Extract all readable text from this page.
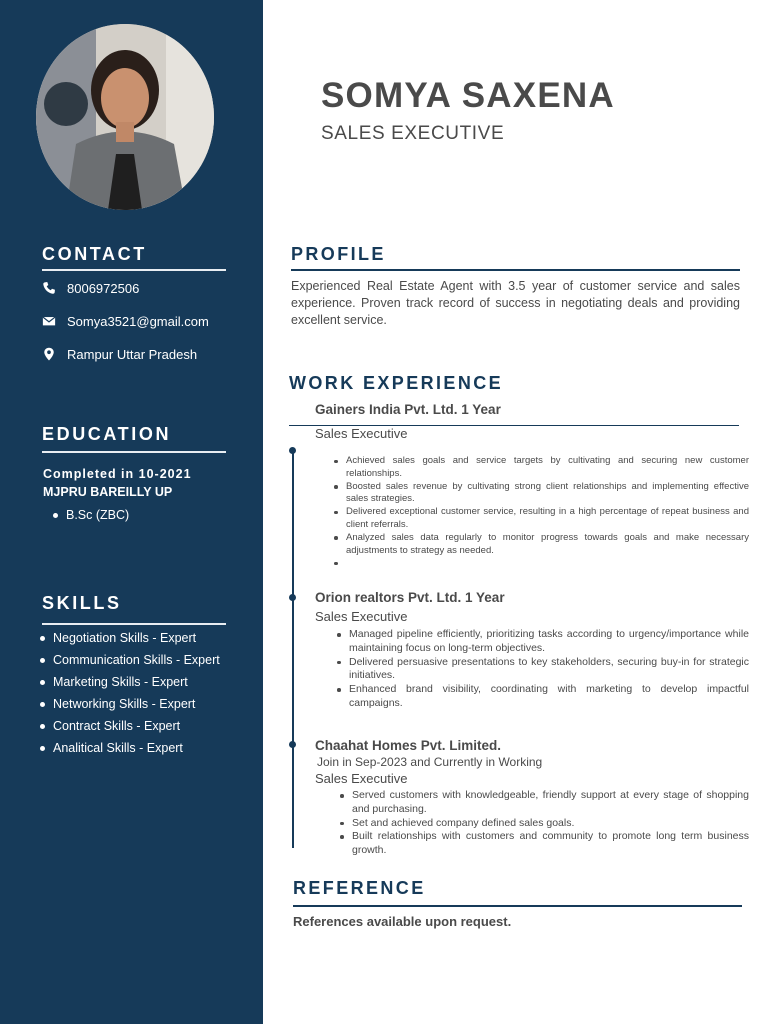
CONTACT
8006972506
Somya3521@gmail.com
Rampur Uttar Pradesh
EDUCATION
Completed in 10-2021
MJPRU BAREILLY UP
B.Sc (ZBC)
SKILLS
Negotiation Skills - Expert
Communication Skills - Expert
Marketing Skills - Expert
Networking Skills - Expert
Contract Skills - Expert
Analitical Skills - Expert
SOMYA SAXENA
SALES EXECUTIVE
PROFILE
Experienced Real Estate Agent with 3.5 year of customer service and sales experience. Proven track record of success in negotiating deals and providing excellent service.
WORK EXPERIENCE
Gainers India Pvt. Ltd. 1 Year
Sales Executive
Achieved sales goals and service targets by cultivating and securing new customer relationships.
Boosted sales revenue by cultivating strong client relationships and implementing effective sales strategies.
Delivered exceptional customer service, resulting in a high percentage of repeat business and client referrals.
Analyzed sales data regularly to monitor progress towards goals and make necessary adjustments to strategy as needed.
Orion realtors Pvt. Ltd. 1 Year
Sales Executive
Managed pipeline efficiently, prioritizing tasks according to urgency/importance while maintaining focus on long-term objectives.
Delivered persuasive presentations to key stakeholders, securing buy-in for strategic initiatives.
Enhanced brand visibility, coordinating with marketing to develop impactful campaigns.
Chaahat Homes Pvt. Limited.
Join in Sep-2023 and Currently in Working
Sales Executive
Served customers with knowledgeable, friendly support at every stage of shopping and purchasing.
Set and achieved company defined sales goals.
Built relationships with customers and community to promote long term business growth.
REFERENCE
References available upon request.
